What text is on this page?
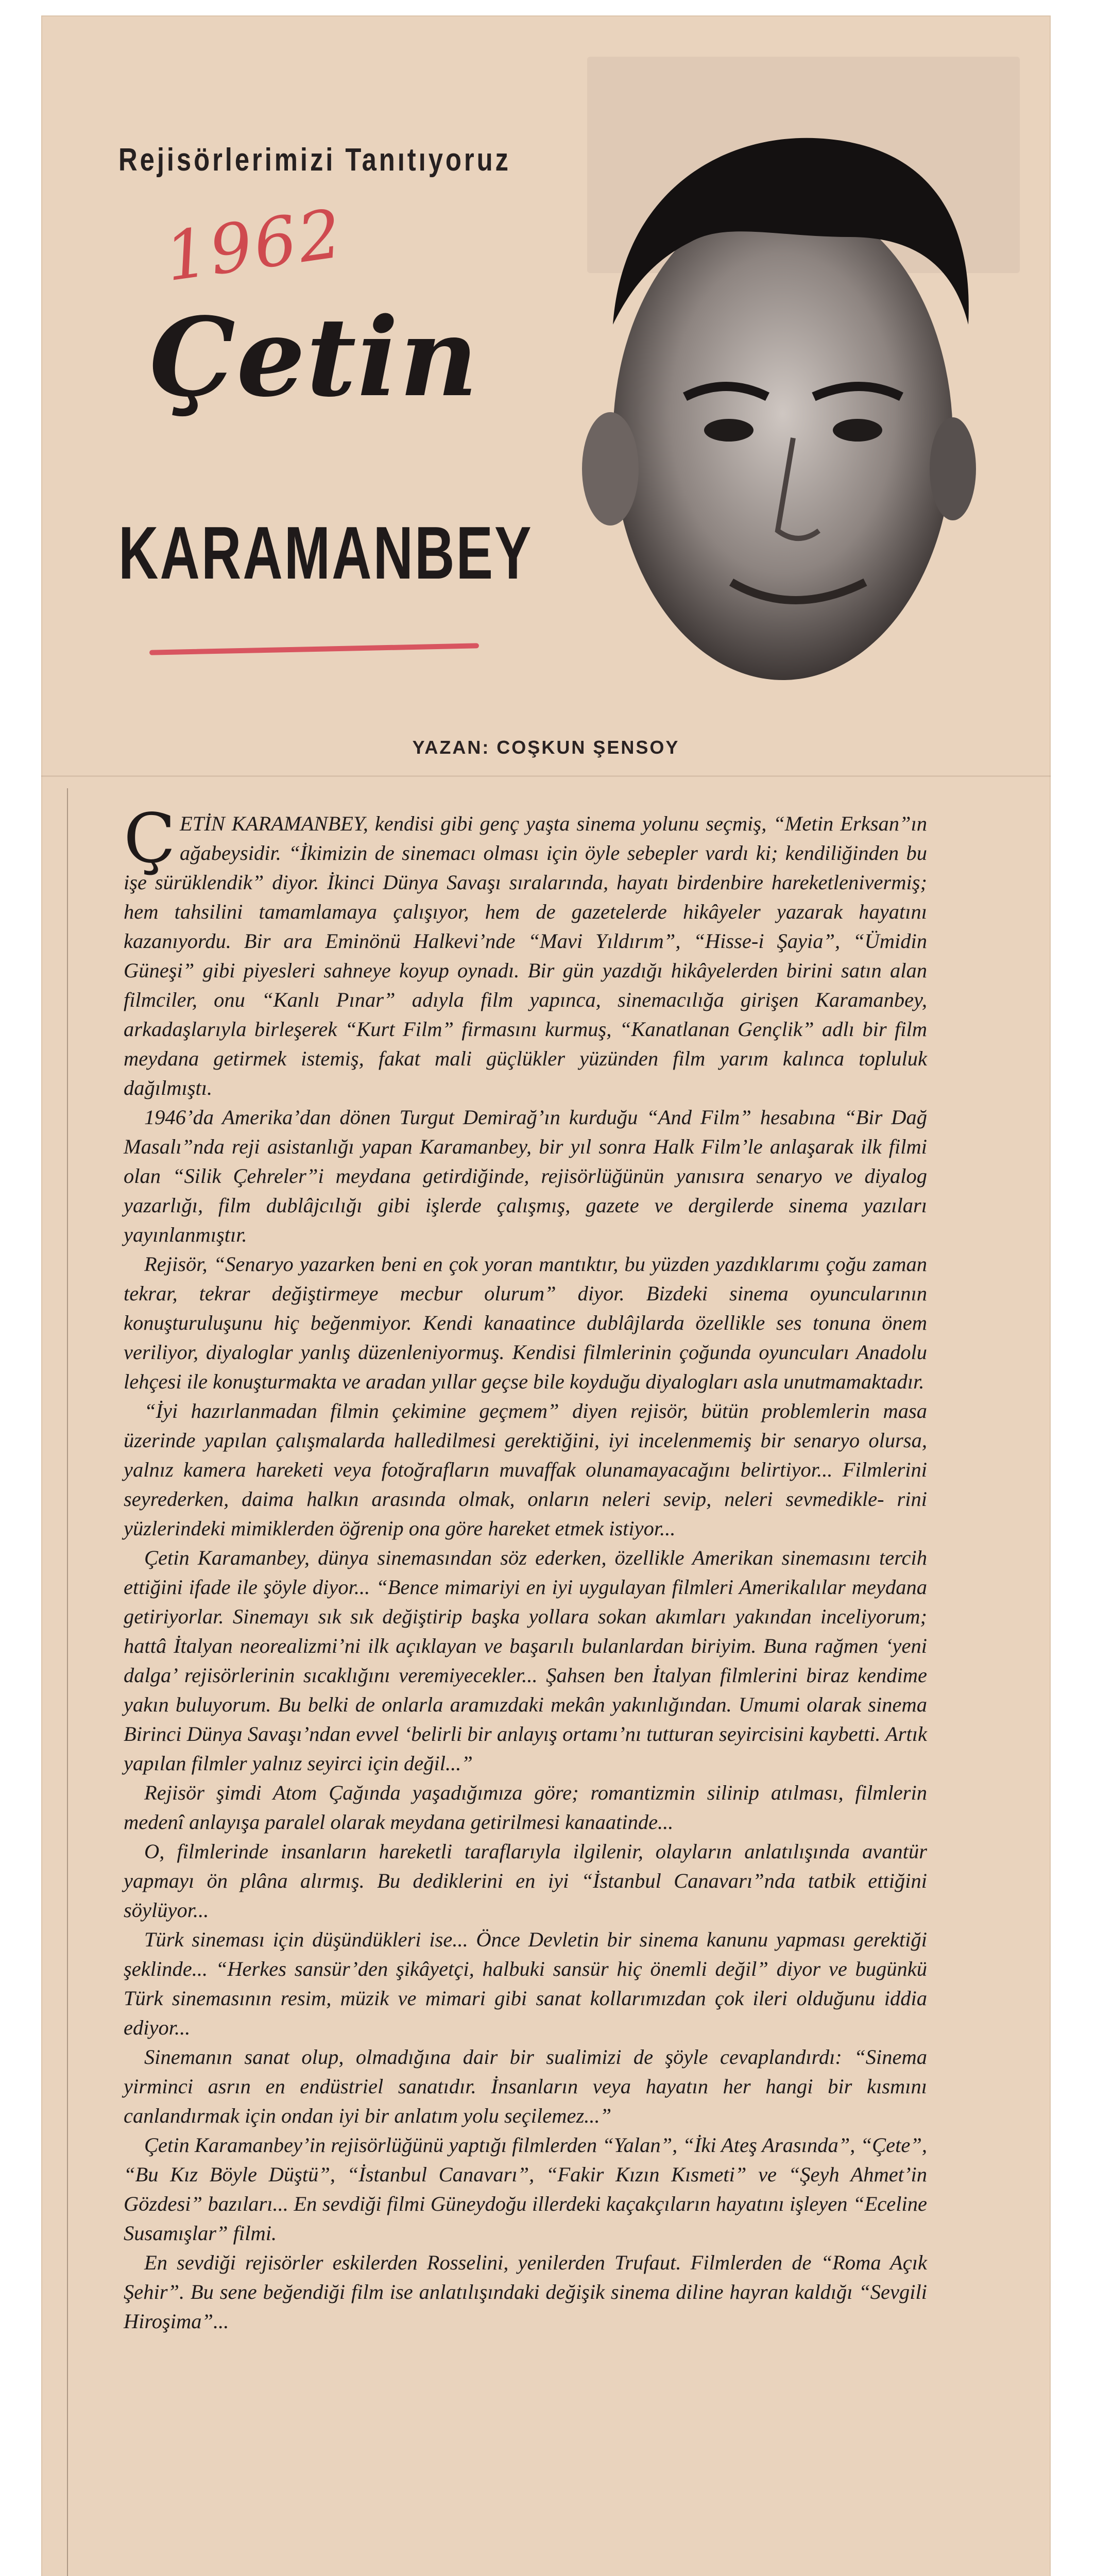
Rejisörlerimizi Tanıtıyoruz
1962
Çetin
KARAMANBEY
YAZAN: COŞKUN ŞENSOY

ÇETİN KARAMANBEY, kendisi gibi genç yaşta sinema yolunu seçmiş, “Metin Erksan”ın ağabeysidir. “İkimizin de sinemacı olması için öyle sebepler vardı ki; kendiliğinden bu işe sürüklendik” diyor. İkinci Dünya Savaşı sıralarında, hayatı birdenbire hareketlenivermiş; hem tahsilini tamamlamaya çalışıyor, hem de gazetelerde hikâyeler yazarak hayatını kazanıyordu. Bir ara Eminönü Halkevi’nde “Mavi Yıldırım”, “Hisse-i Şayia”, “Ümidin Güneşi” gibi piyesleri sahneye koyup oynadı. Bir gün yazdığı hikâyelerden birini satın alan filmciler, onu “Kanlı Pınar” adıyla film yapınca, sinemacılığa girişen Karamanbey, arkadaşlarıyla birleşerek “Kurt Film” firmasını kurmuş, “Kanatlanan Gençlik” adlı bir film meydana getirmek istemiş, fakat mali güçlükler yüzünden film yarım kalınca topluluk dağılmıştı.

1946’da Amerika’dan dönen Turgut Demirağ’ın kurduğu “And Film” hesabına “Bir Dağ Masalı”nda reji asistanlığı yapan Karamanbey, bir yıl sonra Halk Film’le anlaşarak ilk filmi olan “Silik Çehreler”i meydana getirdiğinde, rejisörlüğünün yanısıra senaryo ve diyalog yazarlığı, film dublâjcılığı gibi işlerde çalışmış, gazete ve dergilerde sinema yazıları yayınlanmıştır.

Rejisör, “Senaryo yazarken beni en çok yoran mantıktır, bu yüzden yazdıklarımı çoğu zaman tekrar, tekrar değiştirmeye mecbur olurum” diyor. Bizdeki sinema oyuncularının konuşturuluşunu hiç beğenmiyor. Kendi kanaatince dublâjlarda özellikle ses tonuna önem veriliyor, diyaloglar yanlış düzenleniyormuş. Kendisi filmlerinin çoğunda oyuncuları Anadolu lehçesi ile konuşturmakta ve aradan yıllar geçse bile koyduğu diyalogları asla unutmamaktadır.

“İyi hazırlanmadan filmin çekimine geçmem” diyen rejisör, bütün problemlerin masa üzerinde yapılan çalışmalarda halledilmesi gerektiğini, iyi incelenmemiş bir senaryo olursa, yalnız kamera hareketi veya fotoğrafların muvaffak olunamayacağını belirtiyor... Filmlerini seyrederken, daima halkın arasında olmak, onların neleri sevip, neleri sevmedikle- rini yüzlerindeki mimiklerden öğrenip ona göre hareket etmek istiyor...

Çetin Karamanbey, dünya sinemasından söz ederken, özellikle Amerikan sinemasını tercih ettiğini ifade ile şöyle diyor... “Bence mimariyi en iyi uygulayan filmleri Amerikalılar meydana getiriyorlar. Sinemayı sık sık değiştirip başka yollara sokan akımları yakından inceliyorum; hattâ İtalyan neorealizmi’ni ilk açıklayan ve başarılı bulanlardan biriyim. Buna rağmen ‘yeni dalga’ rejisörlerinin sıcaklığını veremiyecekler... Şahsen ben İtalyan filmlerini biraz kendime yakın buluyorum. Bu belki de onlarla aramızdaki mekân yakınlığından. Umumi olarak sinema Birinci Dünya Savaşı’ndan evvel ‘belirli bir anlayış ortamı’nı tutturan seyircisini kaybetti. Artık yapılan filmler yalnız seyirci için değil...”

Rejisör şimdi Atom Çağında yaşadığımıza göre; romantizmin silinip atılması, filmlerin medenî anlayışa paralel olarak meydana getirilmesi kanaatinde...

O, filmlerinde insanların hareketli taraflarıyla ilgilenir, olayların anlatılışında avantür yapmayı ön plâna alırmış. Bu dediklerini en iyi “İstanbul Canavarı”nda tatbik ettiğini söylüyor...

Türk sineması için düşündükleri ise... Önce Devletin bir sinema kanunu yapması gerektiği şeklinde... “Herkes sansür’den şikâyetçi, halbuki sansür hiç önemli değil” diyor ve bugünkü Türk sinemasının resim, müzik ve mimari gibi sanat kollarımızdan çok ileri olduğunu iddia ediyor...

Sinemanın sanat olup, olmadığına dair bir sualimizi de şöyle cevaplandırdı: “Sinema yirminci asrın en endüstriel sanatıdır. İnsanların veya hayatın her hangi bir kısmını canlandırmak için ondan iyi bir anlatım yolu seçilemez...”

Çetin Karamanbey’in rejisörlüğünü yaptığı filmlerden “Yalan”, “İki Ateş Arasında”, “Çete”, “Bu Kız Böyle Düştü”, “İstanbul Canavarı”, “Fakir Kızın Kısmeti” ve “Şeyh Ahmet’in Gözdesi” bazıları... En sevdiği filmi Güneydoğu illerdeki kaçakçıların hayatını işleyen “Eceline Susamışlar” filmi.

En sevdiği rejisörler eskilerden Rosselini, yenilerden Trufaut. Filmlerden de “Roma Açık Şehir”. Bu sene beğendiği film ise anlatılışındaki değişik sinema diline hayran kaldığı “Sevgili Hiroşima”...
